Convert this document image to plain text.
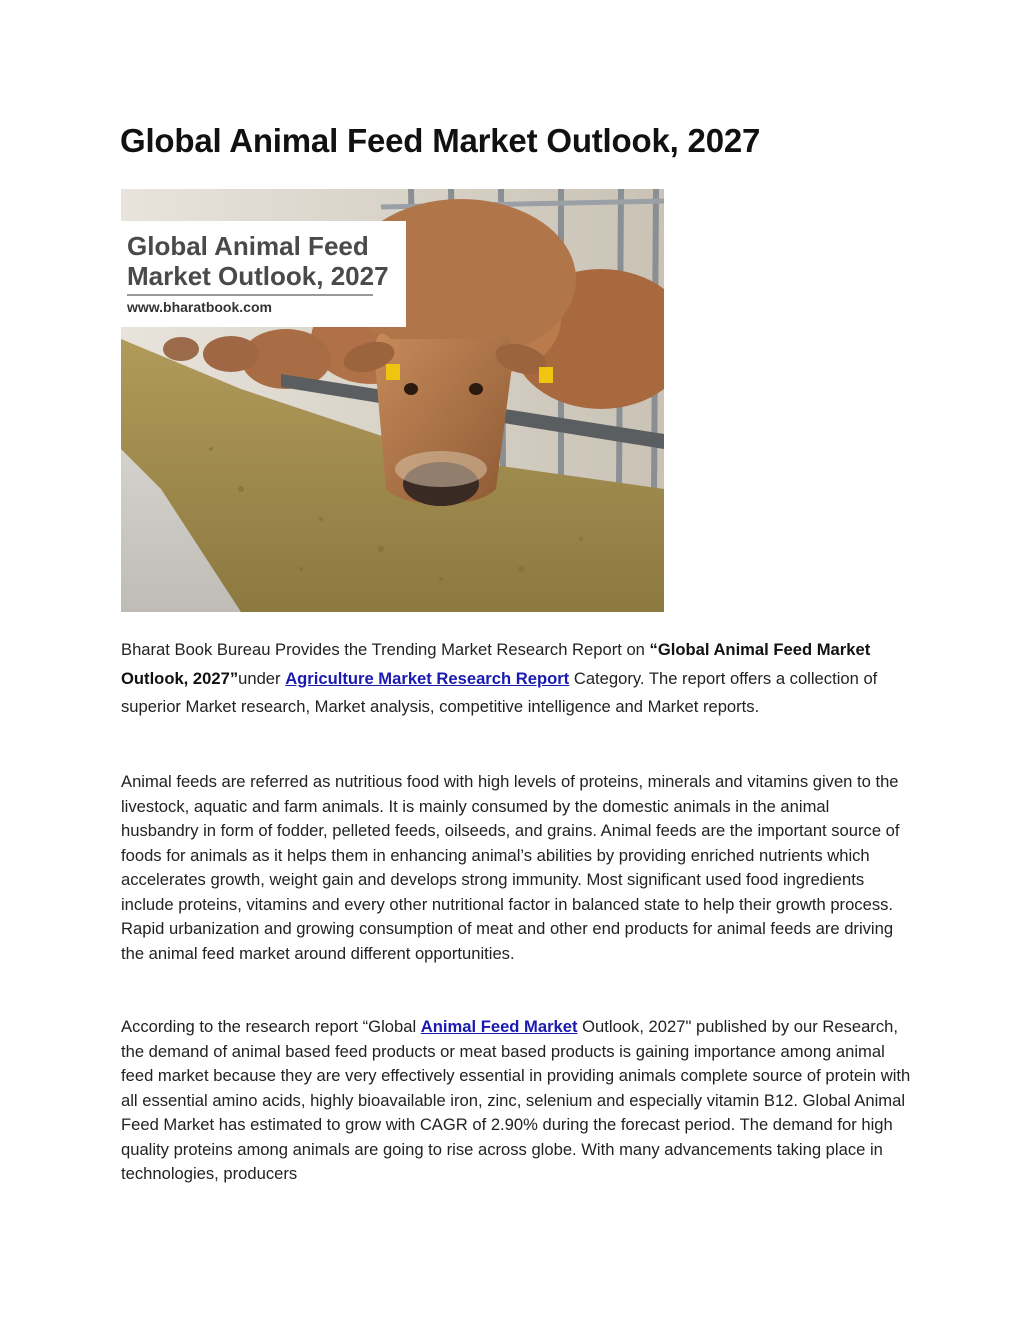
Global Animal Feed Market Outlook, 2027
Global Animal Feed
Market Outlook, 2027
www.bharatbook.com

Bharat Book Bureau Provides the Trending Market Research Report on “Global Animal Feed Market Outlook, 2027”under Agriculture Market Research Report Category. The report offers a collection of superior Market research, Market analysis, competitive intelligence and Market reports.

Animal feeds are referred as nutritious food with high levels of proteins, minerals and vitamins given to the livestock, aquatic and farm animals. It is mainly consumed by the domestic animals in the animal husbandry in form of fodder, pelleted feeds, oilseeds, and grains. Animal feeds are the important source of foods for animals as it helps them in enhancing animal’s abilities by providing enriched nutrients which accelerates growth, weight gain and develops strong immunity. Most significant used food ingredients include proteins, vitamins and every other nutritional factor in balanced state to help their growth process. Rapid urbanization and growing consumption of meat and other end products for animal feeds are driving the animal feed market around different opportunities.

According to the research report “Global Animal Feed Market Outlook, 2027" published by our Research, the demand of animal based feed products or meat based products is gaining importance among animal feed market because they are very effectively essential in providing animals complete source of protein with all essential amino acids, highly bioavailable iron, zinc, selenium and especially vitamin B12. Global Animal Feed Market has estimated to grow with CAGR of 2.90% during the forecast period. The demand for high quality proteins among animals are going to rise across globe. With many advancements taking place in technologies, producers
